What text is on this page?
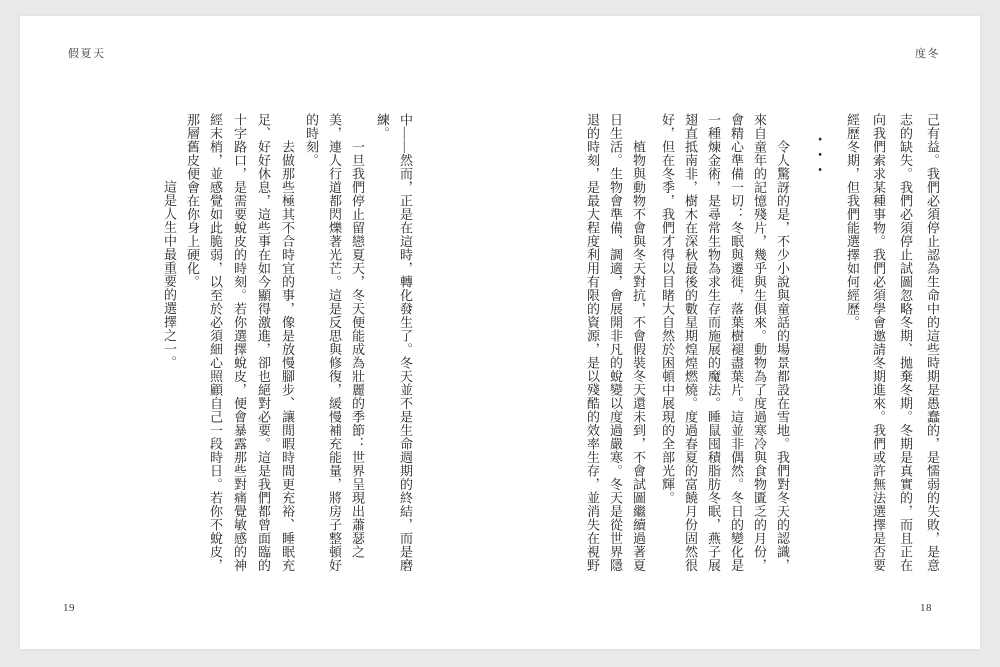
度冬
己有益。我們必須停止認為生命中的這些時期是愚蠢的，是懦弱的失敗，是意
志的缺失。我們必須停止試圖忽略冬期、拋棄冬期。冬期是真實的，而且正在
向我們索求某種事物。我們必須學會邀請冬期進來。我們或許無法選擇是否要
經歷冬期，但我們能選擇如何經歷。
•••
令人驚訝的是，不少小說與童話的場景都設在雪地。我們對冬天的認識，
來自童年的記憶殘片，幾乎與生俱來。動物為了度過寒冷與食物匱乏的月份，
會精心準備一切：冬眠與遷徙，落葉樹褪盡葉片。這並非偶然。冬日的變化是
一種煉金術，是尋常生物為求生存而施展的魔法。睡鼠囤積脂肪冬眠，燕子展
翅直抵南非，樹木在深秋最後的數星期煌煌燃燒。度過春夏的富饒月份固然很
好，但在冬季，我們才得以目睹大自然於困頓中展現的全部光輝。
植物與動物不會與冬天對抗，不會假裝冬天還未到，不會試圖繼續過著夏
日生活。生物會準備、調適，會展開非凡的蛻變以度過嚴寒。冬天是從世界隱
退的時刻，是最大程度利用有限的資源，是以殘酷的效率生存，並消失在視野
18
假夏天
中——然而，正是在這時，轉化發生了。冬天並不是生命週期的終結，而是磨
練。
一旦我們停止留戀夏天，冬天便能成為壯麗的季節：世界呈現出蕭瑟之
美，連人行道都閃爍著光芒。這是反思與修復，緩慢補充能量，將房子整頓好
的時刻。
去做那些極其不合時宜的事，像是放慢腳步、讓閒暇時間更充裕、睡眠充
足、好好休息，這些事在如今顯得激進，卻也絕對必要。這是我們都曾面臨的
十字路口，是需要蛻皮的時刻。若你選擇蛻皮，便會暴露那些對痛覺敏感的神
經末梢，並感覺如此脆弱，以至於必須細心照顧自己一段時日。若你不蛻皮，
那層舊皮便會在你身上硬化。
這是人生中最重要的選擇之一。
19
